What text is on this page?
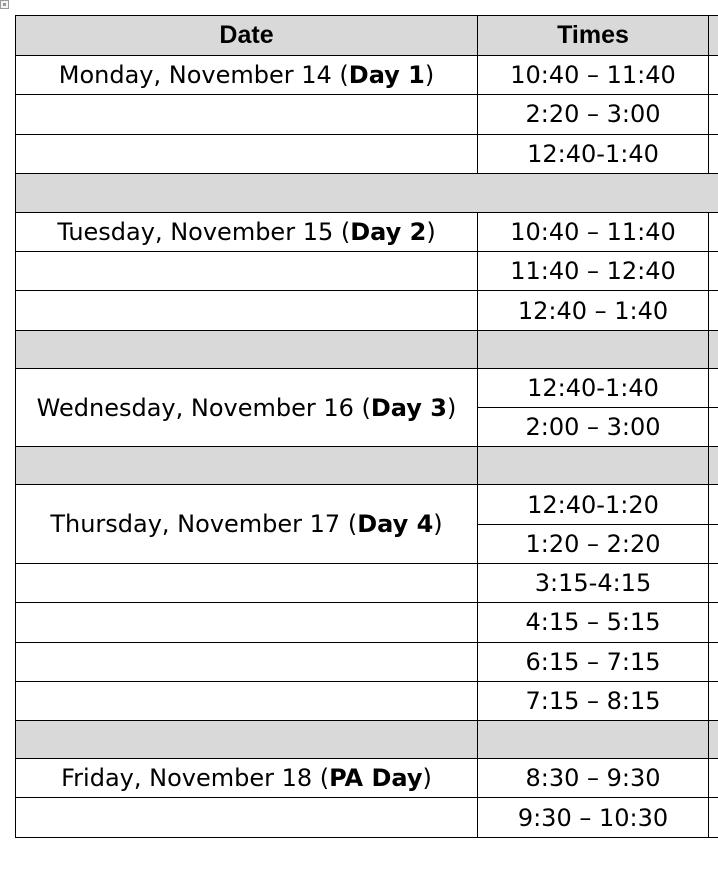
Date	Times	
Monday, November 14 (Day 1)	10:40 – 11:40	
	2:20 – 3:00	
	12:40-1:40	

Tuesday, November 15 (Day 2)	10:40 – 11:40	
	11:40 – 12:40	
	12:40 – 1:40	

Wednesday, November 16 (Day 3)	12:40-1:40	
	2:00 – 3:00	

Thursday, November 17 (Day 4)	12:40-1:20	
	1:20 – 2:20	
	3:15-4:15	
	4:15 – 5:15	
	6:15 – 7:15	
	7:15 – 8:15	

Friday, November 18 (PA Day)	8:30 – 9:30	
	9:30 – 10:30	
